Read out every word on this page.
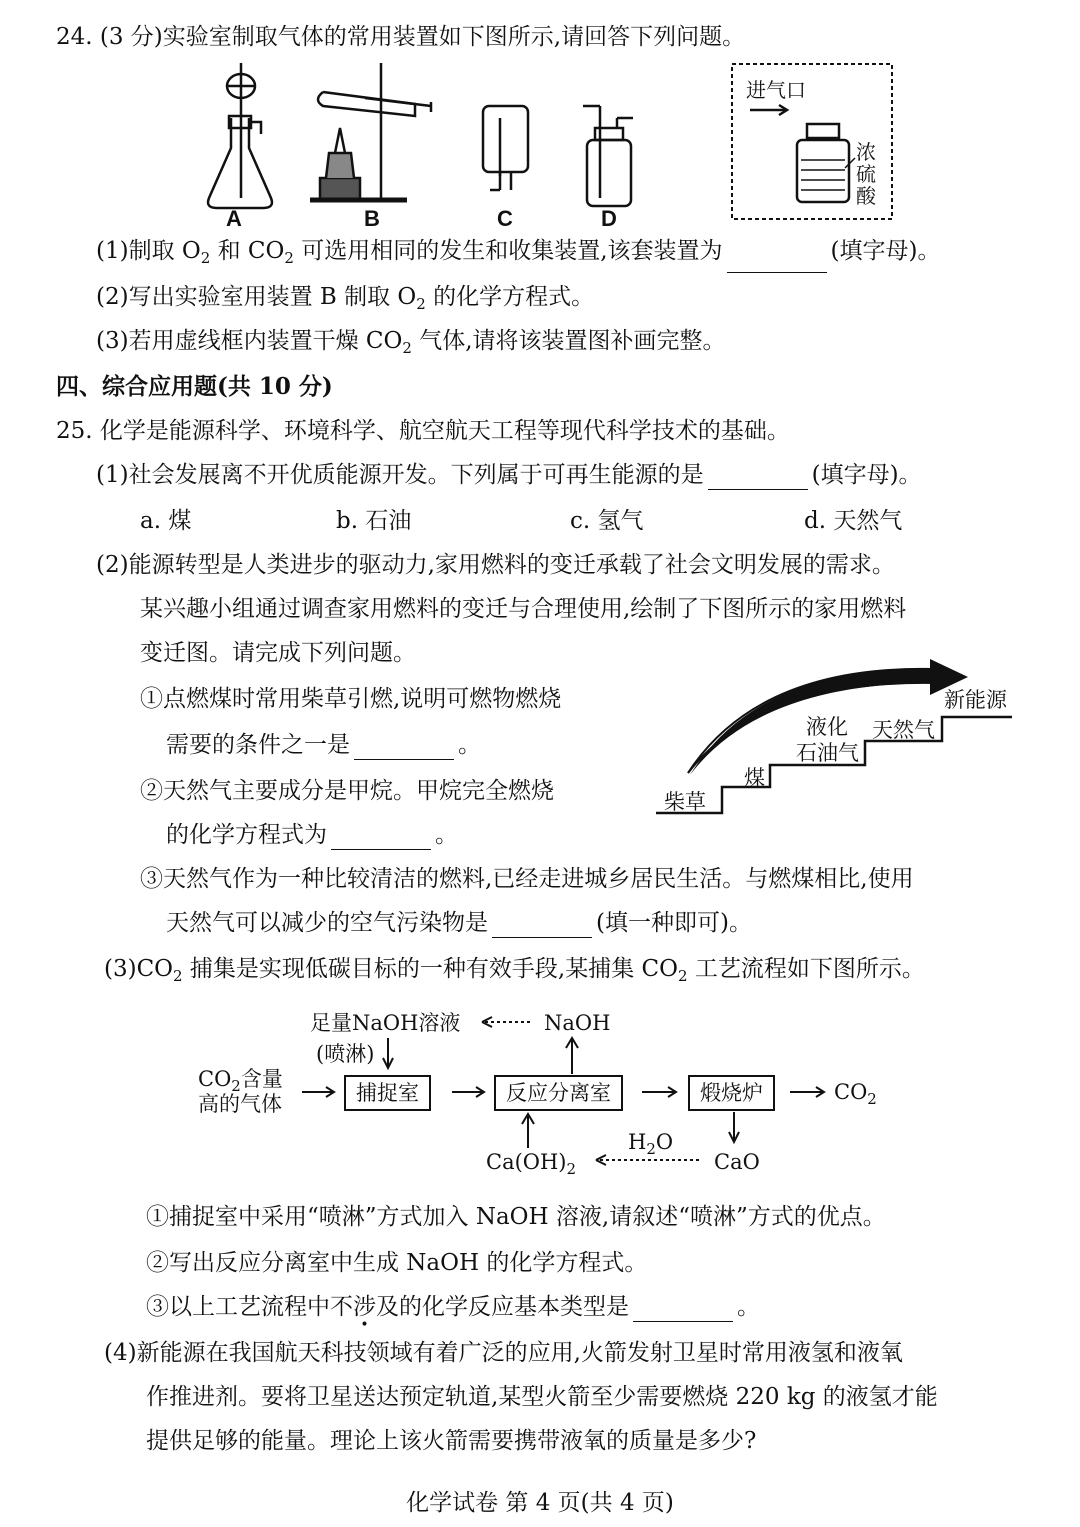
24. (3 分)实验室制取气体的常用装置如下图所示,请回答下列问题。
A	B	C	D
进气口
浓
硫
酸
(1)制取 $O_2$ 和 $CO_2$ 可选用相同的发生和收集装置,该套装置为	(填字母)。
(2)写出实验室用装置 B 制取 $O_2$ 的化学方程式。
(3)若用虚线框内装置干燥 $CO_2$ 气体,请将该装置图补画完整。
四、综合应用题(共 10 分)
25. 化学是能源科学、环境科学、航空航天工程等现代科学技术的基础。
(1)社会发展离不开优质能源开发。下列属于可再生能源的是	(填字母)。
a. 煤	b. 石油	c. 氢气	d. 天然气
(2)能源转型是人类进步的驱动力,家用燃料的变迁承载了社会文明发展的需求。
某兴趣小组通过调查家用燃料的变迁与合理使用,绘制了下图所示的家用燃料
变迁图。请完成下列问题。
①点燃煤时常用柴草引燃,说明可燃物燃烧
需要的条件之一是	。
②天然气主要成分是甲烷。甲烷完全燃烧
的化学方程式为	。
柴草
煤
液化
石油气
天然气
新能源
③天然气作为一种比较清洁的燃料,已经走进城乡居民生活。与燃煤相比,使用
天然气可以减少的空气污染物是	(填一种即可)。
$(3)CO_2$ 捕集是实现低碳目标的一种有效手段,某捕集 $CO_2$ 工艺流程如下图所示。
足量NaOH溶液
(喷淋)
NaOH
$CO_2$含量
高的气体	捕捉室	反应分离室	煅烧炉	$CO_2$
$H_2O$
$Ca(OH)_2$	CaO
①捕捉室中采用“喷淋”方式加入 NaOH 溶液,请叙述“喷淋”方式的优点。
②写出反应分离室中生成 NaOH 的化学方程式。
③以上工艺流程中不涉及的化学反应基本类型是	。
(4)新能源在我国航天科技领域有着广泛的应用,火箭发射卫星时常用液氢和液氧
作推进剂。要将卫星送达预定轨道,某型火箭至少需要燃烧 220 kg 的液氢才能
提供足够的能量。理论上该火箭需要携带液氧的质量是多少?
化学试卷 第 4 页(共 4 页)
